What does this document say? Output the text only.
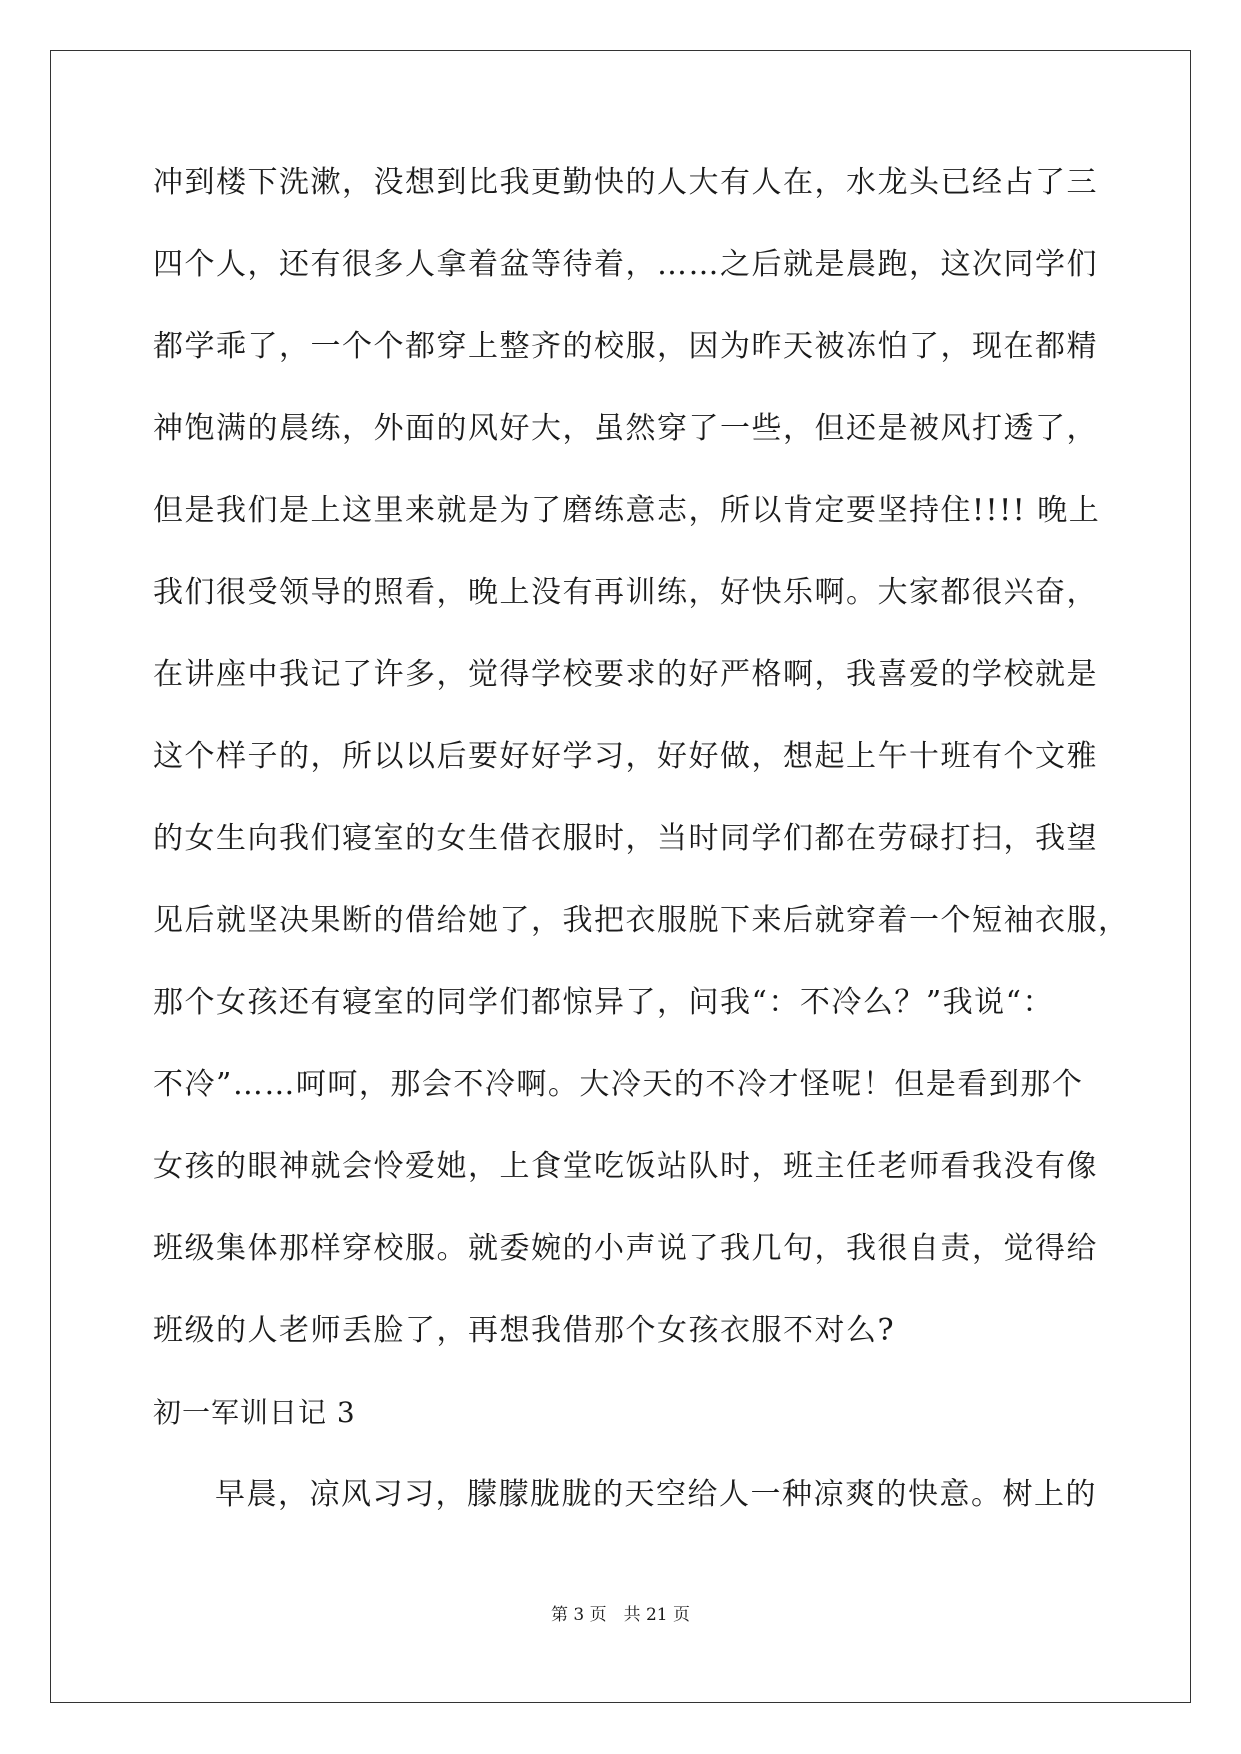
冲到楼下洗漱，没想到比我更勤快的人大有人在，水龙头已经占了三
四个人，还有很多人拿着盆等待着，……之后就是晨跑，这次同学们
都学乖了，一个个都穿上整齐的校服，因为昨天被冻怕了，现在都精
神饱满的晨练，外面的风好大，虽然穿了一些，但还是被风打透了，
但是我们是上这里来就是为了磨练意志，所以肯定要坚持住!!!! 晚上
我们很受领导的照看，晚上没有再训练，好快乐啊。大家都很兴奋，
在讲座中我记了许多，觉得学校要求的好严格啊，我喜爱的学校就是
这个样子的，所以以后要好好学习，好好做，想起上午十班有个文雅
的女生向我们寝室的女生借衣服时，当时同学们都在劳碌打扫，我望
见后就坚决果断的借给她了，我把衣服脱下来后就穿着一个短袖衣服，
那个女孩还有寝室的同学们都惊异了，问我“：不冷么？”我说“：
不冷”……呵呵，那会不冷啊。大冷天的不冷才怪呢！但是看到那个
女孩的眼神就会怜爱她，上食堂吃饭站队时，班主任老师看我没有像
班级集体那样穿校服。就委婉的小声说了我几句，我很自责，觉得给
班级的人老师丢脸了，再想我借那个女孩衣服不对么?
初一军训日记 3
早晨，凉风习习，朦朦胧胧的天空给人一种凉爽的快意。树上的
第 3 页　共 21 页
